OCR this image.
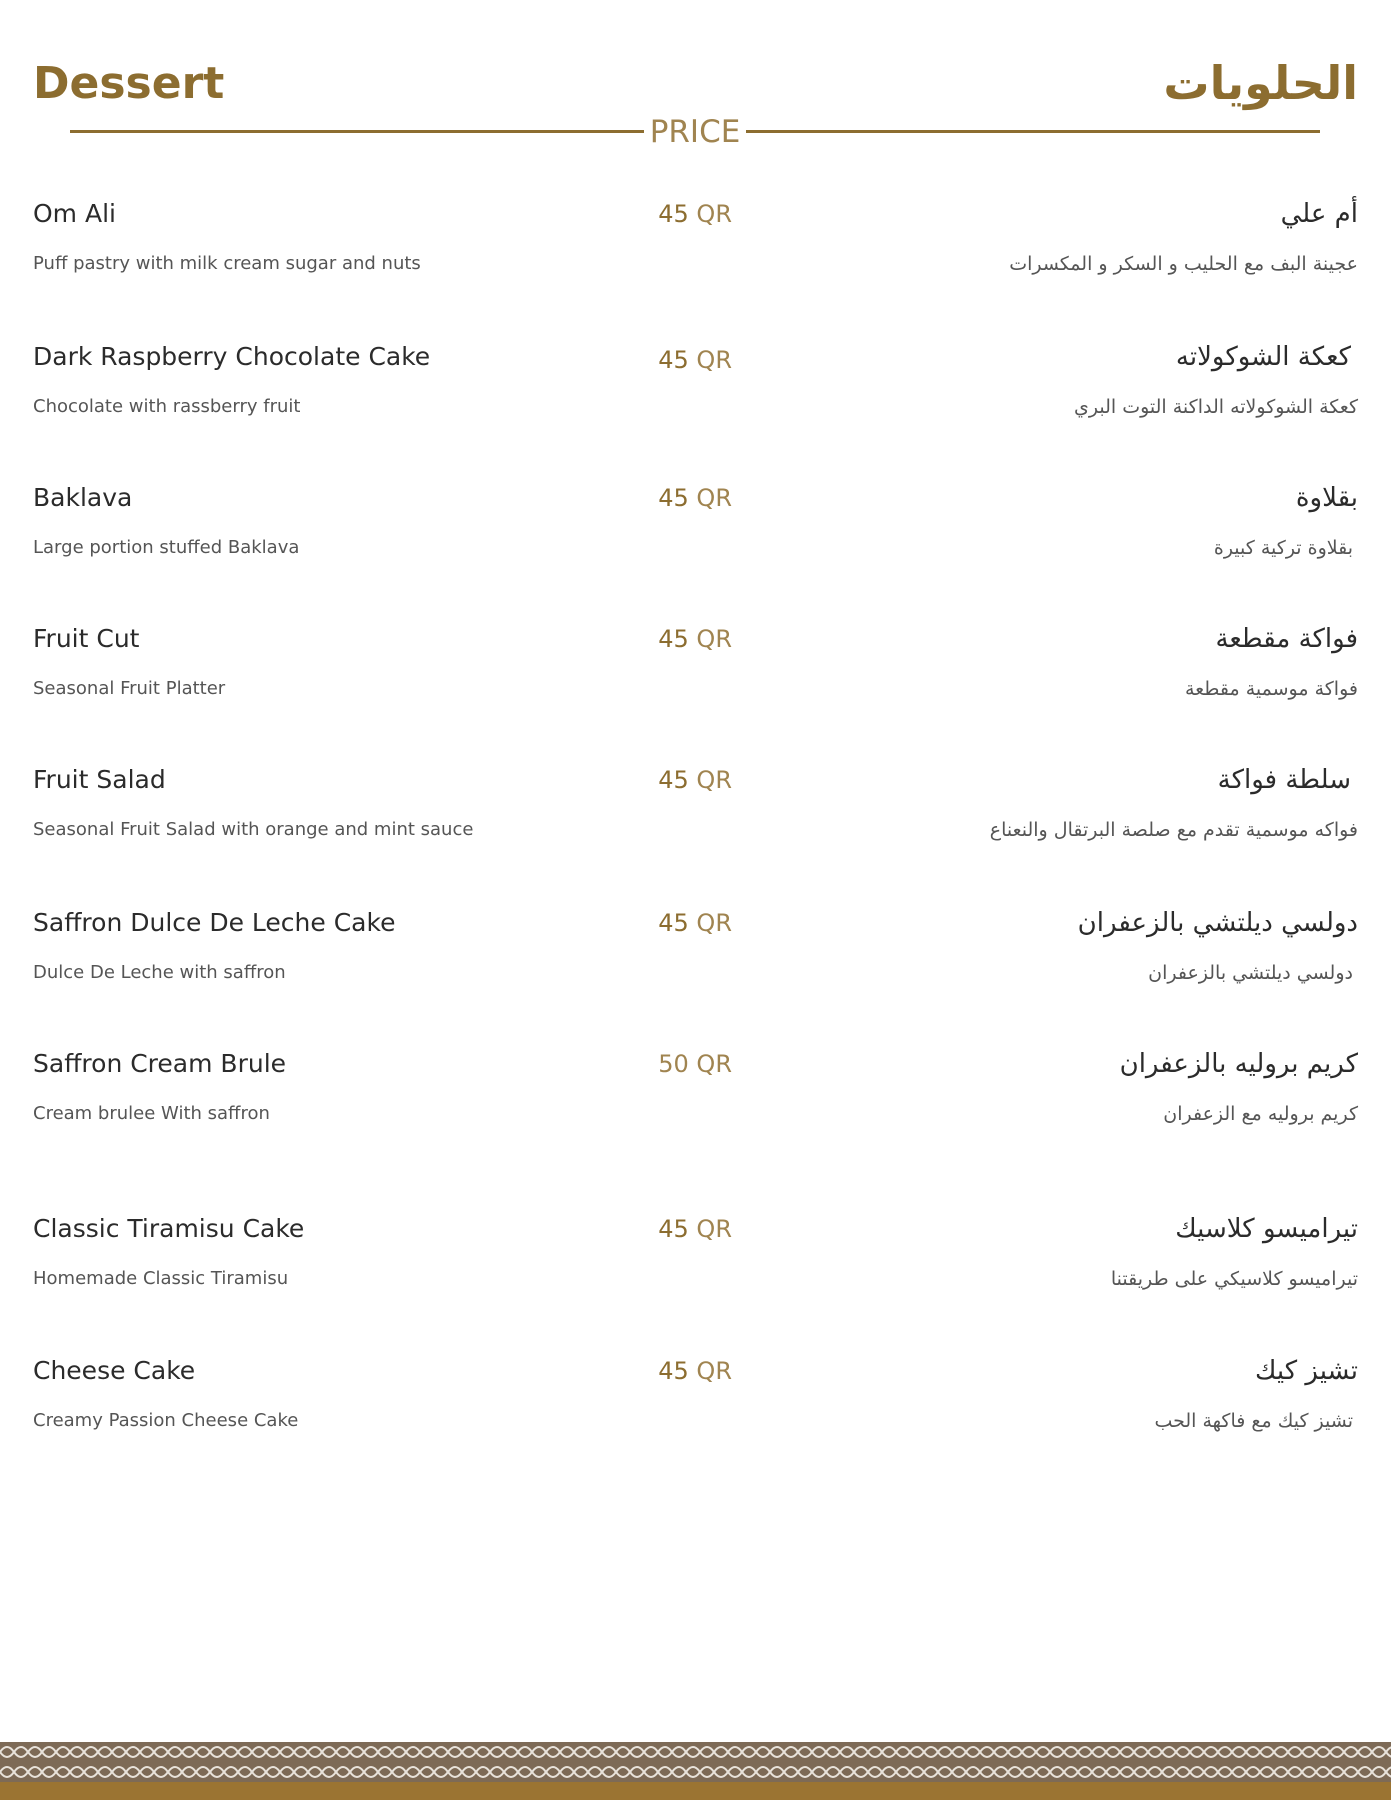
Dessert	الحلويات
PRICE
Om Ali
Puff pastry with milk cream sugar and nuts
45 QR	أم علي
عجينة البف مع الحليب و السكر و المكسرات
Dark Raspberry Chocolate Cake
Chocolate with rassberry fruit
45 QR	كعكة الشوكولاته
كعكة الشوكولاته الداكنة التوت البري
Baklava
Large portion stuffed Baklava
45 QR	بقلاوة
بقلاوة تركية كبيرة
Fruit Cut
Seasonal Fruit Platter
45 QR	فواكة مقطعة
فواكة موسمية مقطعة
Fruit Salad
Seasonal Fruit Salad with orange and mint sauce
45 QR	سلطة فواكة
فواكه موسمية تقدم مع صلصة البرتقال والنعناع
Saffron Dulce De Leche Cake
Dulce De Leche with saffron
45 QR	دولسي ديلتشي بالزعفران
دولسي ديلتشي بالزعفران
Saffron Cream Brule
Cream brulee With saffron
50 QR	كريم بروليه بالزعفران
كريم بروليه مع الزعفران
Classic Tiramisu Cake
Homemade Classic Tiramisu
45 QR	تيراميسو كلاسيك
تيراميسو كلاسيكي على طريقتنا
Cheese Cake
Creamy Passion Cheese Cake
45 QR	تشيز كيك
تشيز كيك مع فاكهة الحب
